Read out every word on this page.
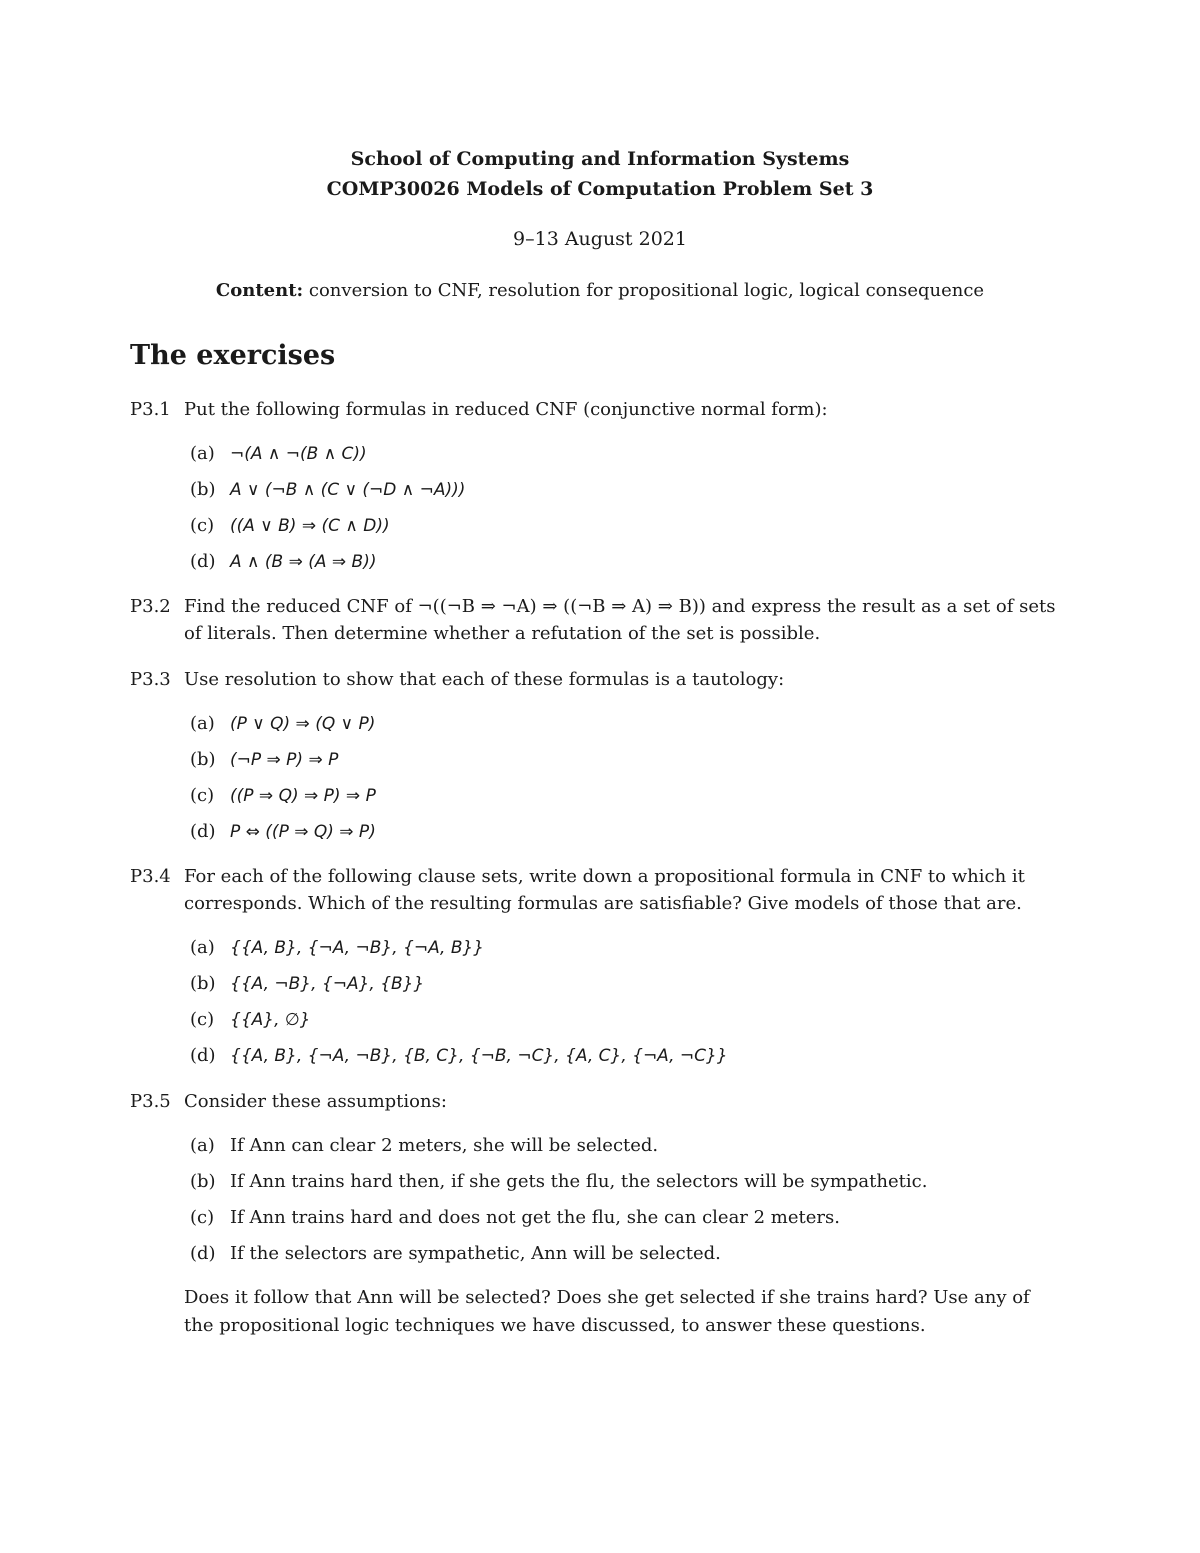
School of Computing and Information Systems
COMP30026 Models of Computation Problem Set 3
9–13 August 2021
Content: conversion to CNF, resolution for propositional logic, logical consequence
The exercises
P3.1 Put the following formulas in reduced CNF (conjunctive normal form):
(a) ¬(A ∧ ¬(B ∧ C))
(b) A ∨ (¬B ∧ (C ∨ (¬D ∧ ¬A)))
(c) ((A ∨ B) ⇒ (C ∧ D))
(d) A ∧ (B ⇒ (A ⇒ B))
P3.2 Find the reduced CNF of ¬((¬B ⇒ ¬A) ⇒ ((¬B ⇒ A) ⇒ B)) and express the result as a set of sets of literals. Then determine whether a refutation of the set is possible.
P3.3 Use resolution to show that each of these formulas is a tautology:
(a) (P ∨ Q) ⇒ (Q ∨ P)
(b) (¬P ⇒ P) ⇒ P
(c) ((P ⇒ Q) ⇒ P) ⇒ P
(d) P ⇔ ((P ⇒ Q) ⇒ P)
P3.4 For each of the following clause sets, write down a propositional formula in CNF to which it corresponds. Which of the resulting formulas are satisfiable? Give models of those that are.
(a) {{A, B}, {¬A, ¬B}, {¬A, B}}
(b) {{A, ¬B}, {¬A}, {B}}
(c) {{A}, ∅}
(d) {{A, B}, {¬A, ¬B}, {B, C}, {¬B, ¬C}, {A, C}, {¬A, ¬C}}
P3.5 Consider these assumptions:
(a) If Ann can clear 2 meters, she will be selected.
(b) If Ann trains hard then, if she gets the flu, the selectors will be sympathetic.
(c) If Ann trains hard and does not get the flu, she can clear 2 meters.
(d) If the selectors are sympathetic, Ann will be selected.
Does it follow that Ann will be selected? Does she get selected if she trains hard? Use any of the propositional logic techniques we have discussed, to answer these questions.
